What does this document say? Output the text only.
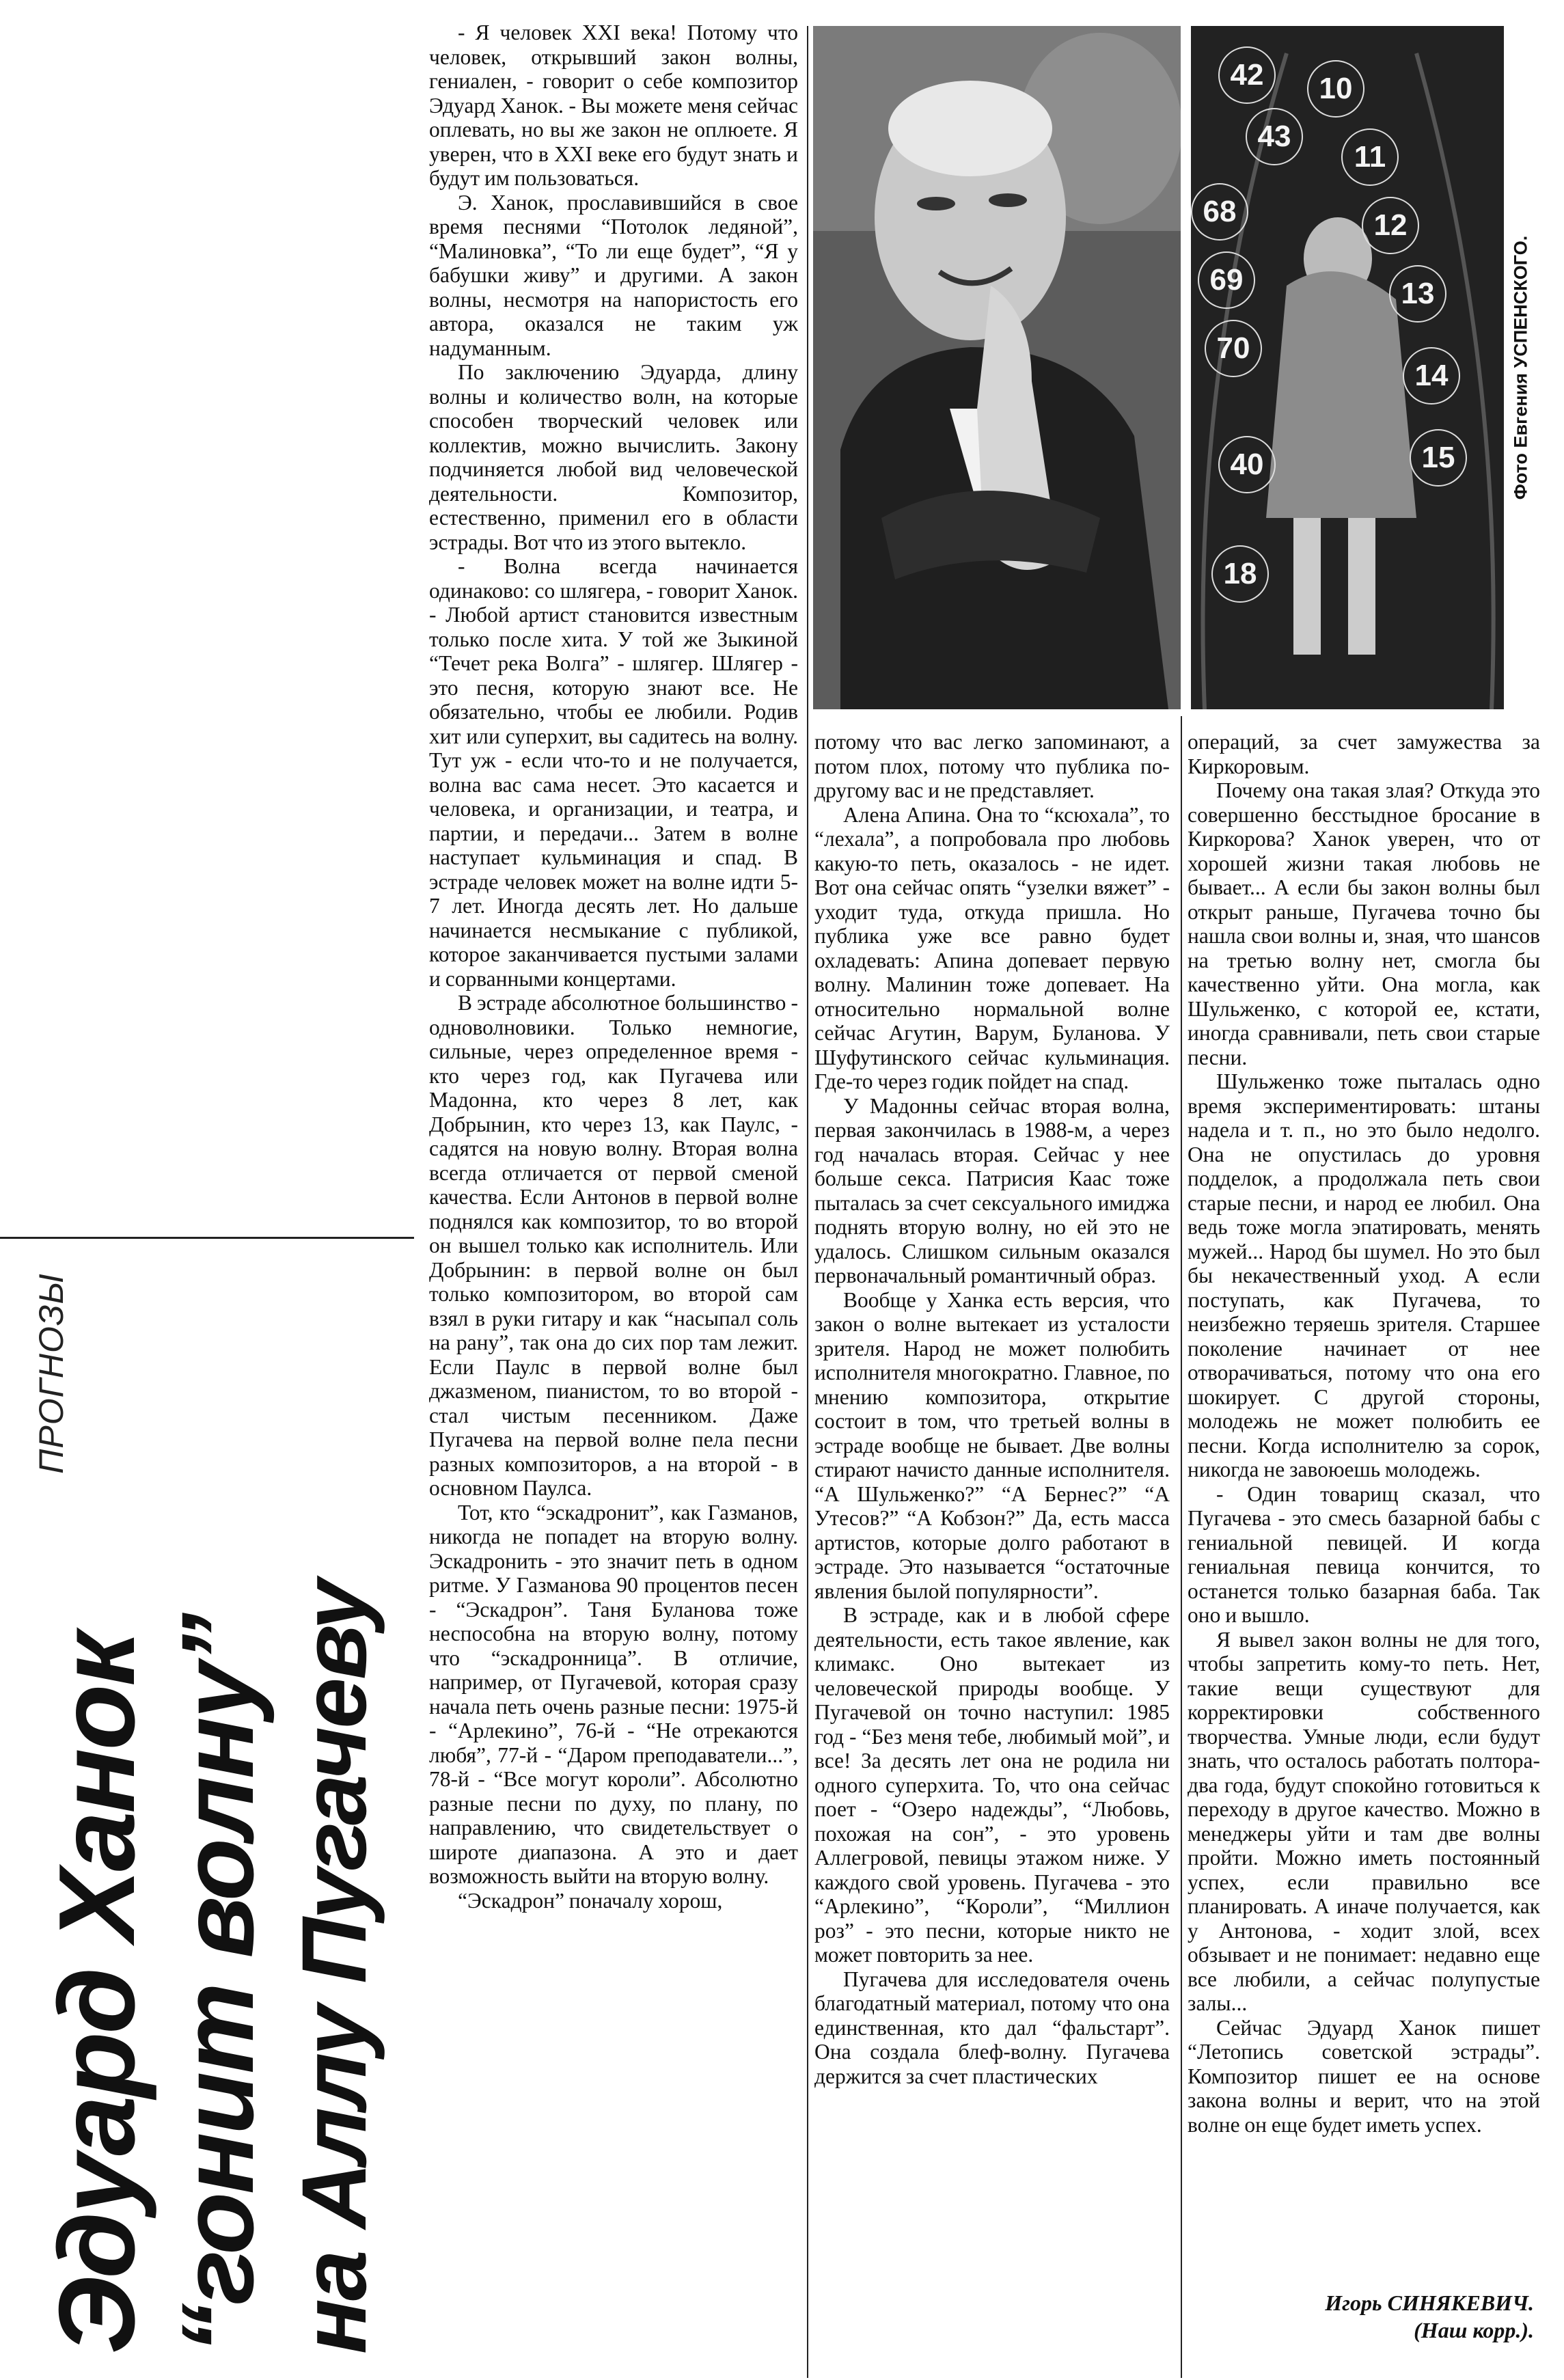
ПРОГНОЗЫ
Эдуард Ханок “гонит волну” на Аллу Пугачеву

- Я человек XXI века! Потому что человек, открывший закон волны, гениален, - говорит о себе композитор Эдуард Ханок. - Вы можете меня сейчас оплевать, но вы же закон не оплюете. Я уверен, что в XXI веке его будут знать и будут им пользоваться.

Э. Ханок, прославившийся в свое время песнями “Потолок ледяной”, “Малиновка”, “То ли еще будет”, “Я у бабушки живу” и другими. А закон волны, несмотря на напористость его автора, оказался не таким уж надуманным.

По заключению Эдуарда, длину волны и количество волн, на которые способен творческий человек или коллектив, можно вычислить. Закону подчиняется любой вид человеческой деятельности. Композитор, естественно, применил его в области эстрады. Вот что из этого вытекло.

- Волна всегда начинается одинаково: со шлягера, - говорит Ханок. - Любой артист становится известным только после хита. У той же Зыкиной “Течет река Волга” - шлягер. Шлягер - это песня, которую знают все. Не обязательно, чтобы ее любили. Родив хит или суперхит, вы садитесь на волну. Тут уж - если что-то и не получается, волна вас сама несет. Это касается и человека, и организации, и театра, и партии, и передачи... Затем в волне наступает кульминация и спад. В эстраде человек может на волне идти 5-7 лет. Иногда десять лет. Но дальше начинается несмыкание с публикой, которое заканчивается пустыми залами и сорванными концертами.

В эстраде абсолютное большинство - одноволновики. Только немногие, сильные, через определенное время - кто через год, как Пугачева или Мадонна, кто через 8 лет, как Добрынин, кто через 13, как Паулс, - садятся на новую волну. Вторая волна всегда отличается от первой сменой качества. Если Антонов в первой волне поднялся как композитор, то во второй он вышел только как исполнитель. Или Добрынин: в первой волне он был только композитором, во второй сам взял в руки гитару и как “насыпал соль на рану”, так она до сих пор там лежит. Если Паулс в первой волне был джазменом, пианистом, то во второй - стал чистым песенником. Даже Пугачева на первой волне пела песни разных композиторов, а на второй - в основном Паулса.

Тот, кто “эскадронит”, как Газманов, никогда не попадет на вторую волну. Эскадронить - это значит петь в одном ритме. У Газманова 90 процентов песен - “Эскадрон”. Таня Буланова тоже неспособна на вторую волну, потому что “эскадронница”. В отличие, например, от Пугачевой, которая сразу начала петь очень разные песни: 1975-й - “Арлекино”, 76-й - “Не отрекаются любя”, 77-й - “Даром преподаватели...”, 78-й - “Все могут короли”. Абсолютно разные песни по духу, по плану, по направлению, что свидетельствует о широте диапазона. А это и дает возможность выйти на вторую волну.

“Эскадрон” поначалу хорош,

42	10
43
11
68	12
69	13
70
14
40	15
18
Фото Евгения УСПЕНСКОГО.

потому что вас легко запоминают, а потом плох, потому что публика по-другому вас и не представляет.

Алена Апина. Она то “ксюхала”, то “лехала”, а попробовала про любовь какую-то петь, оказалось - не идет. Вот она сейчас опять “узелки вяжет” - уходит туда, откуда пришла. Но публика уже все равно будет охладевать: Апина допевает первую волну. Малинин тоже допевает. На относительно нормальной волне сейчас Агутин, Варум, Буланова. У Шуфутинского сейчас кульминация. Где-то через годик пойдет на спад.

У Мадонны сейчас вторая волна, первая закончилась в 1988-м, а через год началась вторая. Сейчас у нее больше секса. Патрисия Каас тоже пыталась за счет сексуального имиджа поднять вторую волну, но ей это не удалось. Слишком сильным оказался первоначальный романтичный образ.

Вообще у Ханка есть версия, что закон о волне вытекает из усталости зрителя. Народ не может полюбить исполнителя многократно. Главное, по мнению композитора, открытие состоит в том, что третьей волны в эстраде вообще не бывает. Две волны стирают начисто данные исполнителя. “А Шульженко?” “А Бернес?” “А Утесов?” “А Кобзон?” Да, есть масса артистов, которые долго работают в эстраде. Это называется “остаточные явления былой популярности”.

В эстраде, как и в любой сфере деятельности, есть такое явление, как климакс. Оно вытекает из человеческой природы вообще. У Пугачевой он точно наступил: 1985 год - “Без меня тебе, любимый мой”, и все! За десять лет она не родила ни одного суперхита. То, что она сейчас поет - “Озеро надежды”, “Любовь, похожая на сон”, - это уровень Аллегровой, певицы этажом ниже. У каждого свой уровень. Пугачева - это “Арлекино”, “Короли”, “Миллион роз” - это песни, которые никто не может повторить за нее.

Пугачева для исследователя очень благодатный материал, потому что она единственная, кто дал “фальстарт”. Она создала блеф-волну. Пугачева держится за счет пластических

операций, за счет замужества за Киркоровым.

Почему она такая злая? Откуда это совершенно бесстыдное бросание в Киркорова? Ханок уверен, что от хорошей жизни такая любовь не бывает... А если бы закон волны был открыт раньше, Пугачева точно бы нашла свои волны и, зная, что шансов на третью волну нет, смогла бы качественно уйти. Она могла, как Шульженко, с которой ее, кстати, иногда сравнивали, петь свои старые песни.

Шульженко тоже пыталась одно время экспериментировать: штаны надела и т. п., но это было недолго. Она не опустилась до уровня подделок, а продолжала петь свои старые песни, и народ ее любил. Она ведь тоже могла эпатировать, менять мужей... Народ бы шумел. Но это был бы некачественный уход. А если поступать, как Пугачева, то неизбежно теряешь зрителя. Старшее поколение начинает от нее отворачиваться, потому что она его шокирует. С другой стороны, молодежь не может полюбить ее песни. Когда исполнителю за сорок, никогда не завоюешь молодежь.

- Один товарищ сказал, что Пугачева - это смесь базарной бабы с гениальной певицей. И когда гениальная певица кончится, то останется только базарная баба. Так оно и вышло.

Я вывел закон волны не для того, чтобы запретить кому-то петь. Нет, такие вещи существуют для корректировки собственного творчества. Умные люди, если будут знать, что осталось работать полтора-два года, будут спокойно готовиться к переходу в другое качество. Можно в менеджеры уйти и там две волны пройти. Можно иметь постоянный успех, если правильно все планировать. А иначе получается, как у Антонова, - ходит злой, всех обзывает и не понимает: недавно еще все любили, а сейчас полупустые залы...

Сейчас Эдуард Ханок пишет “Летопись советской эстрады”. Композитор пишет ее на основе закона волны и верит, что на этой волне он еще будет иметь успех.

Игорь СИНЯКЕВИЧ.
(Наш корр.).
